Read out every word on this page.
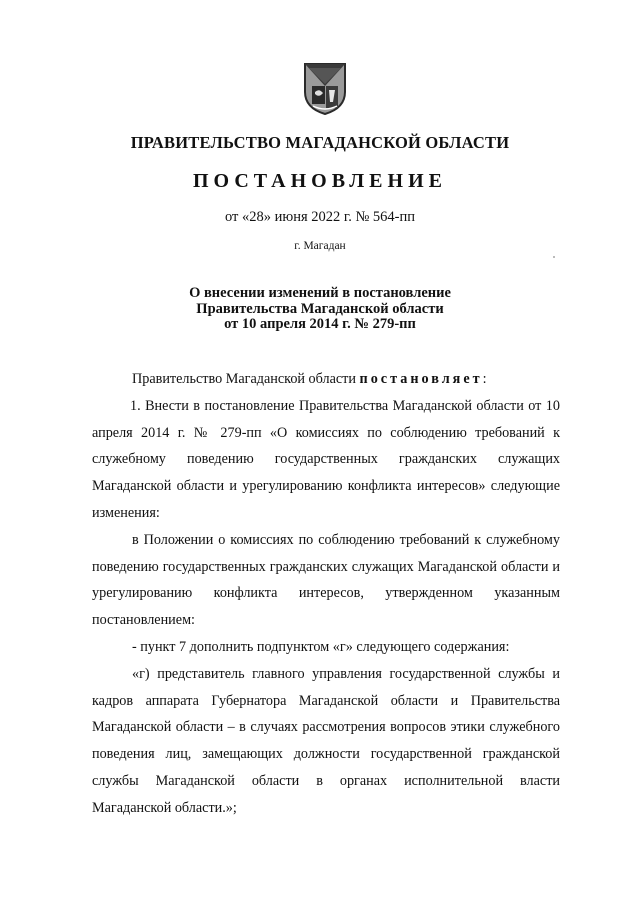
ПРАВИТЕЛЬСТВО МАГАДАНСКОЙ ОБЛАСТИ
ПОСТАНОВЛЕНИЕ
от «28» июня 2022 г. № 564-пп
г. Магадан
О внесении изменений в постановление
Правительства Магаданской области
от 10 апреля 2014 г. № 279-пп

Правительство Магаданской области постановляет:

1. Внести в постановление Правительства Магаданской области от 10 апреля 2014 г. № 279-пп «О комиссиях по соблюдению требований к служебному поведению государственных гражданских служащих Магаданской области и урегулированию конфликта интересов» следующие изменения:

в Положении о комиссиях по соблюдению требований к служебному поведению государственных гражданских служащих Магаданской области и урегулированию конфликта интересов, утвержденном указанным постановлением:

- пункт 7 дополнить подпунктом «г» следующего содержания:

«г) представитель главного управления государственной службы и кадров аппарата Губернатора Магаданской области и Правительства Магаданской области – в случаях рассмотрения вопросов этики служебного поведения лиц, замещающих должности государственной гражданской службы Магаданской области в органах исполнительной власти Магаданской области.»;
